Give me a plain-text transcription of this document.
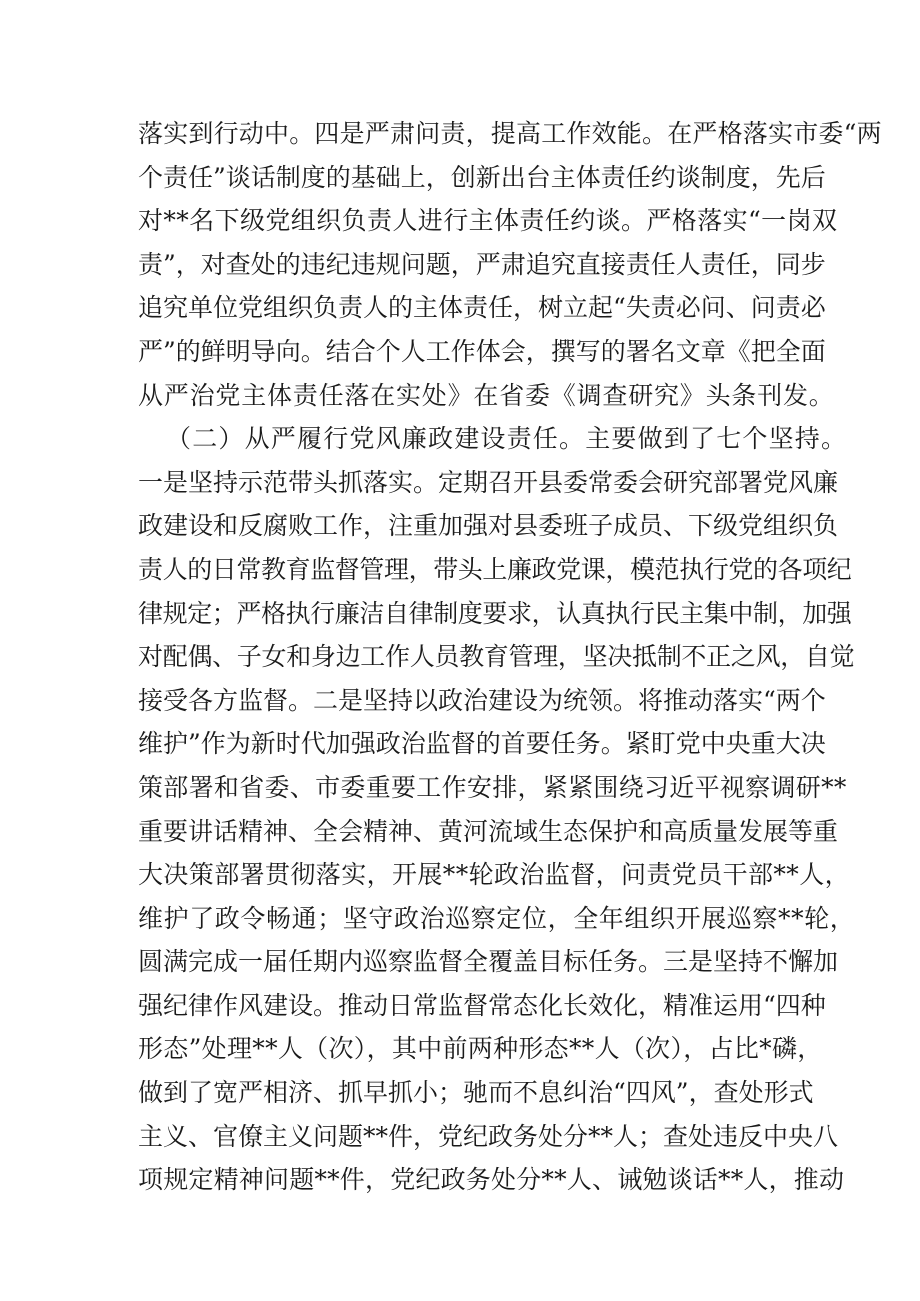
落实到行动中。四是严肃问责，提高工作效能。在严格落实市委“两
个责任”谈话制度的基础上，创新出台主体责任约谈制度，先后
对**名下级党组织负责人进行主体责任约谈。严格落实“一岗双
责”，对查处的违纪违规问题，严肃追究直接责任人责任，同步
追究单位党组织负责人的主体责任，树立起“失责必问、问责必
严”的鲜明导向。结合个人工作体会，撰写的署名文章《把全面
从严治党主体责任落在实处》在省委《调查研究》头条刊发。
（二）从严履行党风廉政建设责任。主要做到了七个坚持。
一是坚持示范带头抓落实。定期召开县委常委会研究部署党风廉
政建设和反腐败工作，注重加强对县委班子成员、下级党组织负
责人的日常教育监督管理，带头上廉政党课，模范执行党的各项纪
律规定；严格执行廉洁自律制度要求，认真执行民主集中制，加强
对配偶、子女和身边工作人员教育管理，坚决抵制不正之风，自觉
接受各方监督。二是坚持以政治建设为统领。将推动落实“两个
维护”作为新时代加强政治监督的首要任务。紧盯党中央重大决
策部署和省委、市委重要工作安排，紧紧围绕习近平视察调研**
重要讲话精神、全会精神、黄河流域生态保护和高质量发展等重
大决策部署贯彻落实，开展**轮政治监督，问责党员干部**人，
维护了政令畅通；坚守政治巡察定位，全年组织开展巡察**轮，
圆满完成一届任期内巡察监督全覆盖目标任务。三是坚持不懈加
强纪律作风建设。推动日常监督常态化长效化，精准运用“四种
形态”处理**人（次），其中前两种形态**人（次），占比*磷，
做到了宽严相济、抓早抓小；驰而不息纠治“四风”，查处形式
主义、官僚主义问题**件，党纪政务处分**人；查处违反中央八
项规定精神问题**件，党纪政务处分**人、诫勉谈话**人，推动
